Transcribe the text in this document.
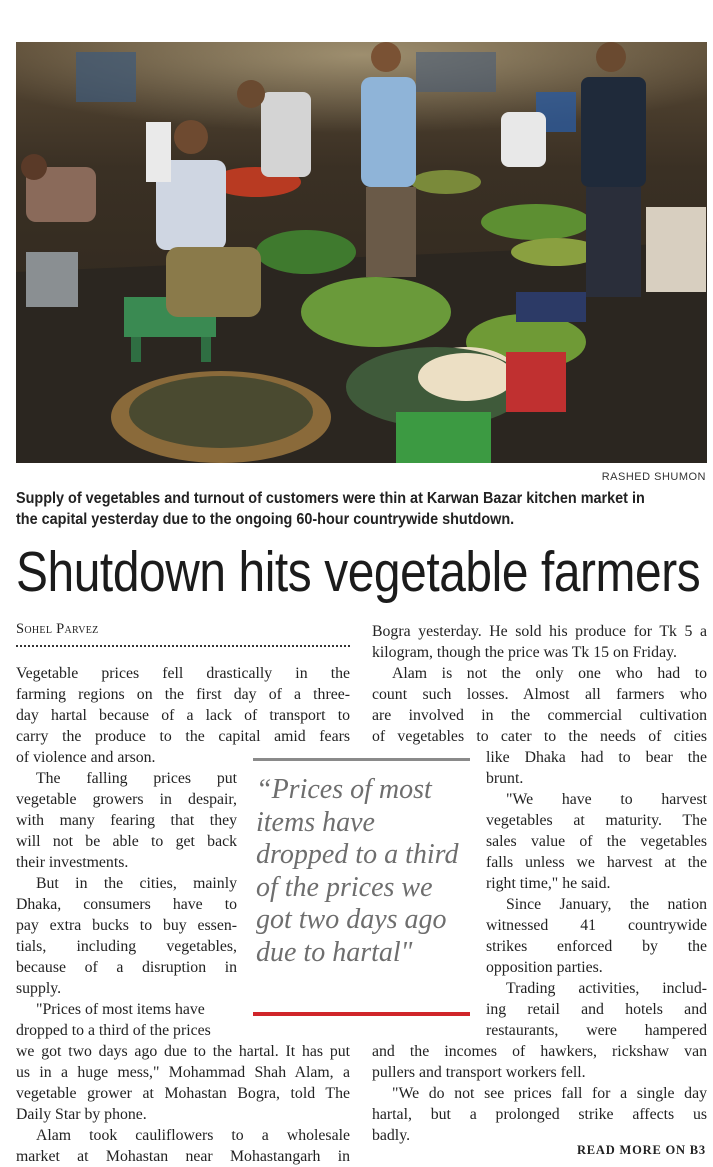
RASHED SHUMON
Supply of vegetables and turnout of customers were thin at Karwan Bazar kitchen market in the capital yesterday due to the ongoing 60-hour countrywide shutdown.
Shutdown hits vegetable farmers
Sohel Parvez
Vegetable prices fell drastically in the
farming regions on the first day of a three-
day hartal because of a lack of transport to
carry the produce to the capital amid fears
of violence and arson.
The falling prices put
vegetable growers in despair,
with many fearing that they
will not be able to get back
their investments.
But in the cities, mainly
Dhaka, consumers have to
pay extra bucks to buy essen-
tials, including vegetables,
because of a disruption in
supply.
"Prices of most items have
dropped to a third of the prices
we got two days ago due to the hartal. It has put
us in a huge mess," Mohammad Shah Alam, a
vegetable grower at Mohastan Bogra, told The
Daily Star by phone.
Alam took cauliflowers to a wholesale
market at Mohastan near Mohastangarh in
Bogra yesterday. He sold his produce for Tk 5 a
kilogram, though the price was Tk 15 on Friday.
Alam is not the only one who had to
count such losses. Almost all farmers who
are involved in the commercial cultivation
of vegetables to cater to the needs of cities
like Dhaka had to bear the
brunt.
"We have to harvest
vegetables at maturity. The
sales value of the vegetables
falls unless we harvest at the
right time," he said.
Since January, the nation
witnessed 41 countrywide
strikes enforced by the
opposition parties.
Trading activities, includ-
ing retail and hotels and
restaurants, were hampered
and the incomes of hawkers, rickshaw van
pullers and transport workers fell.
"We do not see prices fall for a single day
hartal, but a prolonged strike affects us
badly.
“Prices of most items have dropped to a third of the prices we got two days ago due to hartal"
READ MORE ON B3
